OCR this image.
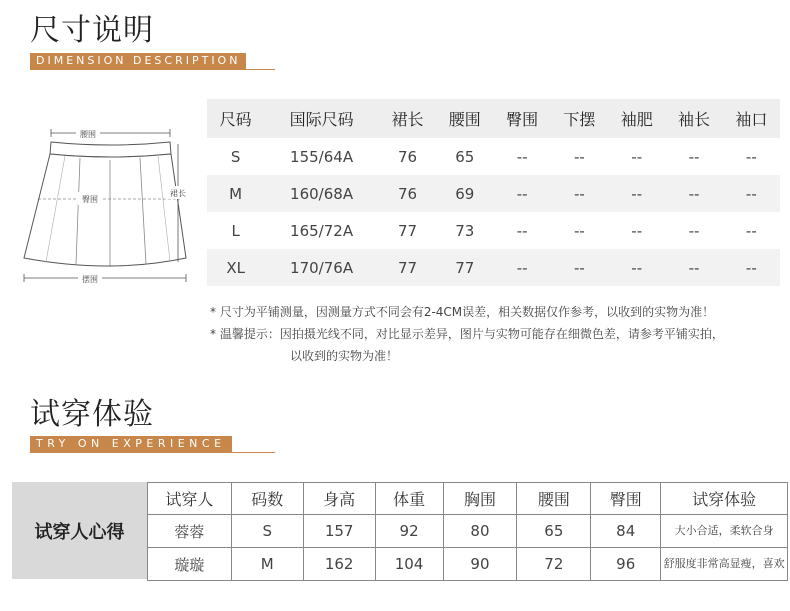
尺寸说明
DIMENSION DESCRIPTION
腰围
臀围
裙长
摆围
尺码	国际尺码	裙长	腰围	臀围	下摆	袖肥	袖长	袖口
S	155/64A	76	65	--	--	--	--	--
M	160/68A	76	69	--	--	--	--	--
L	165/72A	77	73	--	--	--	--	--
XL	170/76A	77	77	--	--	--	--	--
* 尺寸为平铺测量，因测量方式不同会有2-4CM误差，相关数据仅作参考，以收到的实物为准！
* 温馨提示：因拍摄光线不同，对比显示差异，图片与实物可能存在细微色差，请参考平铺实拍，
以收到的实物为准！
试穿体验
TRY ON EXPERIENCE
试穿人心得
试穿人	码数	身高	体重	胸围	腰围	臀围	试穿体验
蓉蓉	S	157	92	80	65	84	大小合适，柔软合身
璇璇	M	162	104	90	72	96	舒服度非常高显瘦，喜欢
